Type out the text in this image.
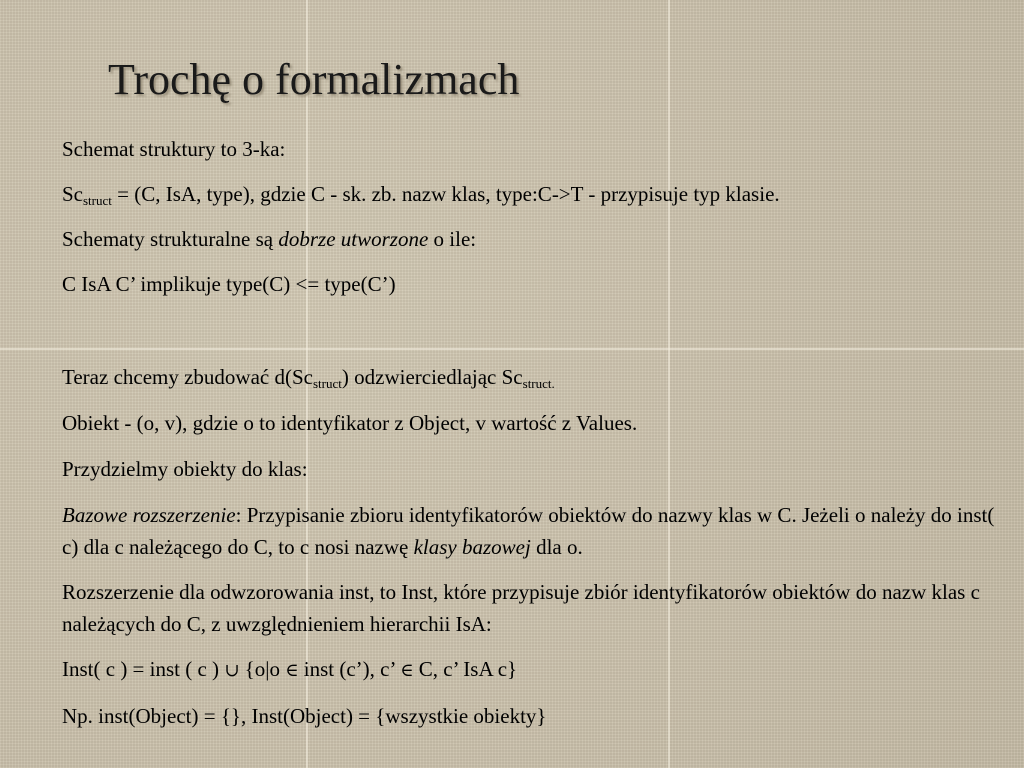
Trochę o formalizmach

Schemat struktury to 3-ka:

$Sc_{struct} = (C$, IsA, type), gdzie C - sk. zb. nazw klas, type:C->T - przypisuje typ klasie.

Schematy strukturalne są dobrze utworzone o ile:

C IsA C’ implikuje type(C) <= type(C’)

Teraz chcemy zbudować $d(Sc_{struct})$ odzwierciedlając $Sc_{struct.}$

Obiekt - (o, v), gdzie o to identyfikator z Object, v wartość z Values.

Przydzielmy obiekty do klas:

Bazowe rozszerzenie: Przypisanie zbioru identyfikatorów obiektów do nazwy klas w C. Jeżeli o należy do inst( c) dla c należącego do C, to c nosi nazwę klasy bazowej dla o.

Rozszerzenie dla odwzorowania inst, to Inst, które przypisuje zbiór identyfikatorów obiektów do nazw klas c należących do C, z uwzględnieniem hierarchii IsA:

Inst( c ) = inst ( c ) ∪ {o|o ∈ inst (c’), c’ ∈ C, c’ IsA c}

Np. inst(Object) = {}, Inst(Object) = {wszystkie obiekty}
